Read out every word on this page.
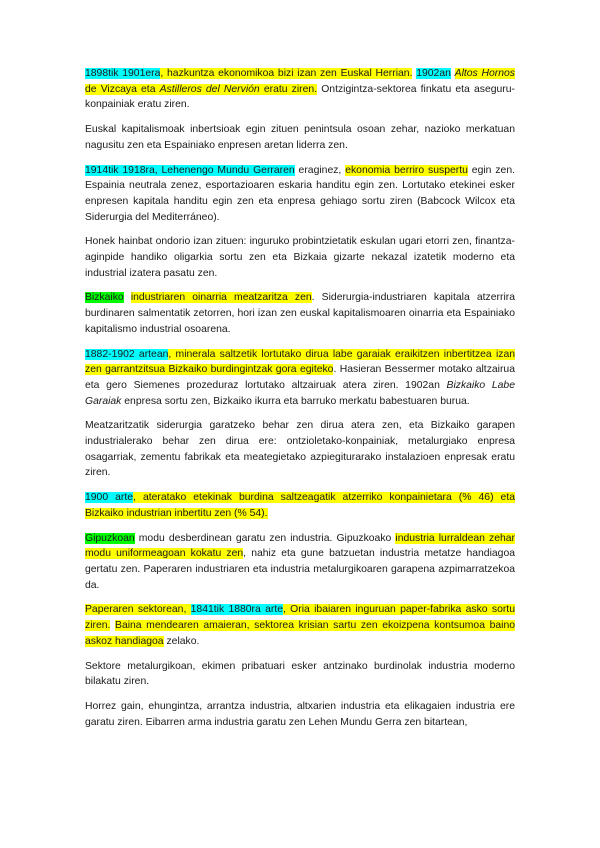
1898tik 1901era, hazkuntza ekonomikoa bizi izan zen Euskal Herrian. 1902an Altos Hornos de Vizcaya eta Astilleros del Nervión eratu ziren. Ontzigintza-sektorea finkatu eta aseguru-konpainiak eratu ziren.

Euskal kapitalismoak inbertsioak egin zituen penintsula osoan zehar, nazioko merkatuan nagusitu zen eta Espainiako enpresen aretan liderra zen.

1914tik 1918ra, Lehenengo Mundu Gerraren eraginez, ekonomia berriro suspertu egin zen. Espainia neutrala zenez, esportazioaren eskaria handitu egin zen. Lortutako etekinei esker enpresen kapitala handitu egin zen eta enpresa gehiago sortu ziren (Babcock Wilcox eta Siderurgia del Mediterráneo).

Honek hainbat ondorio izan zituen: inguruko probintzietatik eskulan ugari etorri zen, finantza-aginpide handiko oligarkia sortu zen eta Bizkaia gizarte nekazal izatetik moderno eta industrial izatera pasatu zen.

Bizkaiko industriaren oinarria meatzaritza zen. Siderurgia-industriaren kapitala atzerrira burdinaren salmentatik zetorren, hori izan zen euskal kapitalismoaren oinarria eta Espainiako kapitalismo industrial osoarena.

1882-1902 artean, minerala saltzetik lortutako dirua labe garaiak eraikitzen inbertitzea izan zen garrantzitsua Bizkaiko burdingintzak gora egiteko. Hasieran Bessermer motako altzairua eta gero Siemenes prozeduraz lortutako altzairuak atera ziren. 1902an Bizkaiko Labe Garaiak enpresa sortu zen, Bizkaiko ikurra eta barruko merkatu babestuaren burua.

Meatzaritzatik siderurgia garatzeko behar zen dirua atera zen, eta Bizkaiko garapen industrialerako behar zen dirua ere: ontzioletako-konpainiak, metalurgiako enpresa osagarriak, zementu fabrikak eta meategietako azpiegiturarako instalazioen enpresak eratu ziren.

1900 arte, ateratako etekinak burdina saltzeagatik atzerriko konpainietara (% 46) eta Bizkaiko industrian inbertitu zen (% 54).

Gipuzkoan modu desberdinean garatu zen industria. Gipuzkoako industria lurraldean zehar modu uniformeagoan kokatu zen, nahiz eta gune batzuetan industria metatze handiagoa gertatu zen. Paperaren industriaren eta industria metalurgikoaren garapena azpimarratzekoa da.

Paperaren sektorean, 1841tik 1880ra arte, Oria ibaiaren inguruan paper-fabrika asko sortu ziren. Baina mendearen amaieran, sektorea krisian sartu zen ekoizpena kontsumoa baino askoz handiagoa zelako.

Sektore metalurgikoan, ekimen pribatuari esker antzinako burdinolak industria moderno bilakatu ziren.

Horrez gain, ehungintza, arrantza industria, altxarien industria eta elikagaien industria ere garatu ziren. Eibarren arma industria garatu zen Lehen Mundu Gerra zen bitartean,
